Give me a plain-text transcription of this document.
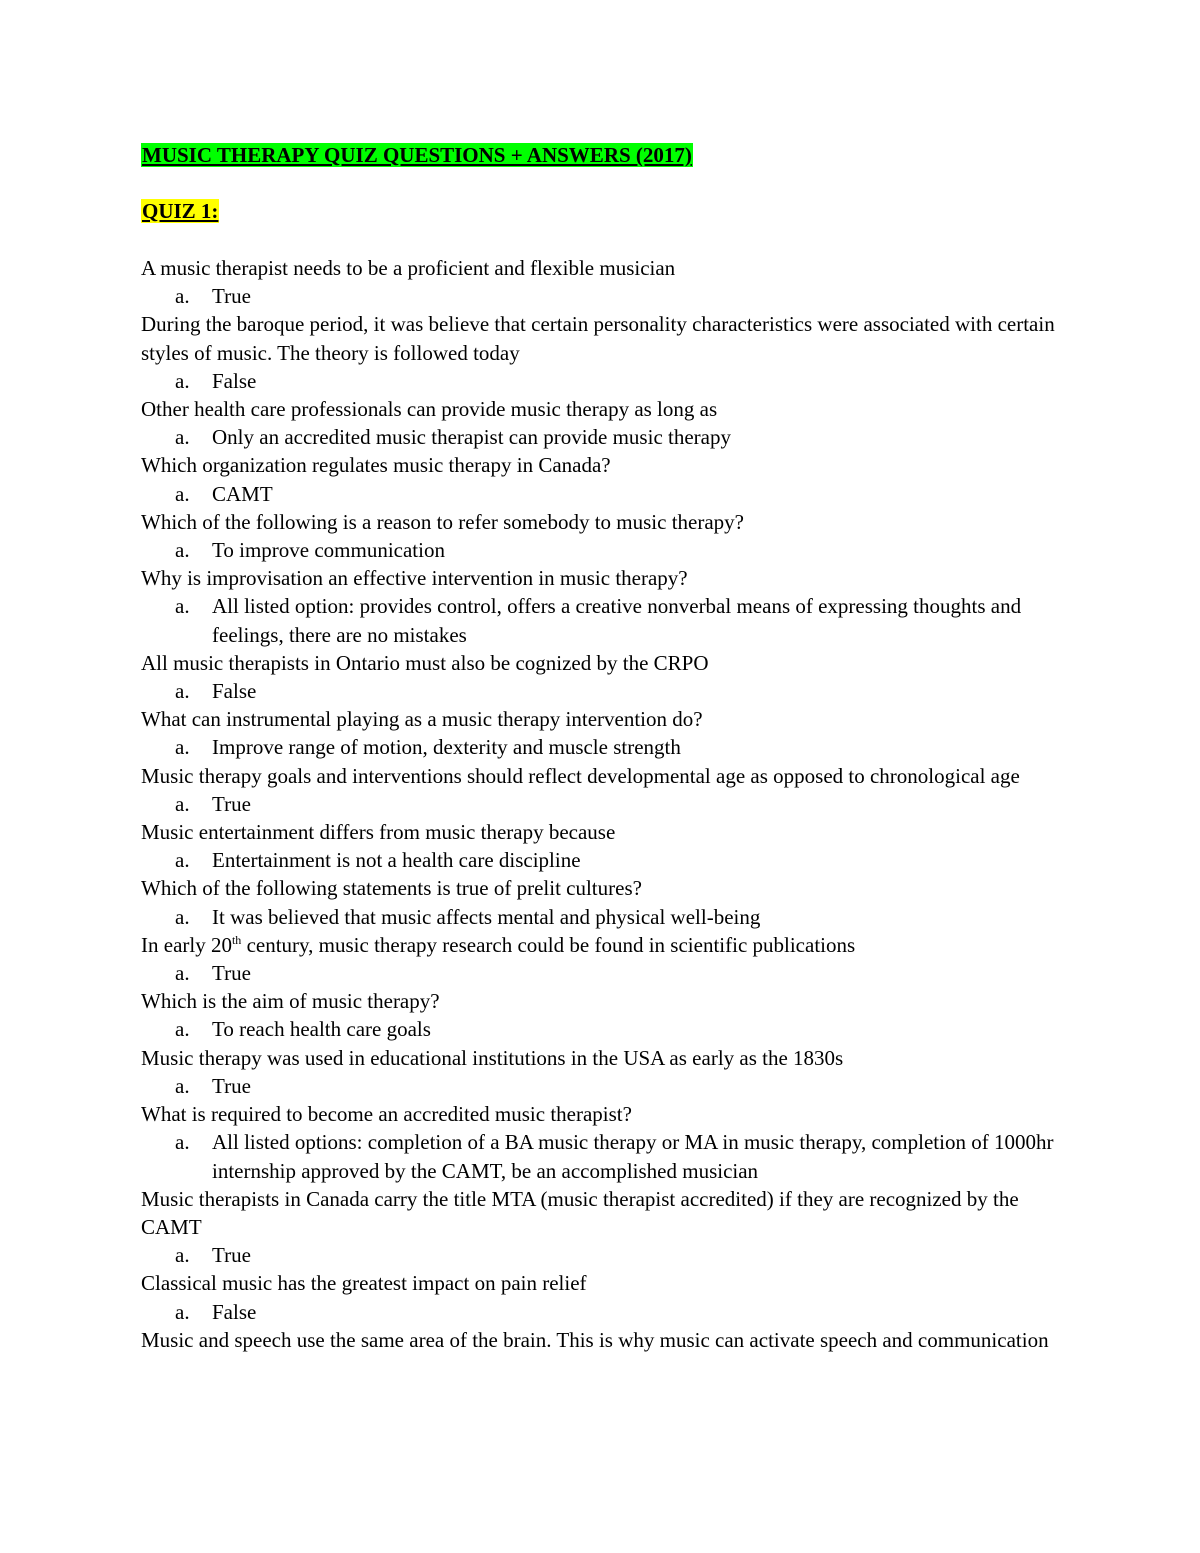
MUSIC THERAPY QUIZ QUESTIONS + ANSWERS (2017)
QUIZ 1:
A music therapist needs to be a proficient and flexible musician
a. True
During the baroque period, it was believe that certain personality characteristics were associated with certain styles of music. The theory is followed today
a. False
Other health care professionals can provide music therapy as long as
a. Only an accredited music therapist can provide music therapy
Which organization regulates music therapy in Canada?
a. CAMT
Which of the following is a reason to refer somebody to music therapy?
a. To improve communication
Why is improvisation an effective intervention in music therapy?
a. All listed option: provides control, offers a creative nonverbal means of expressing thoughts and feelings, there are no mistakes
All music therapists in Ontario must also be cognized by the CRPO
a. False
What can instrumental playing as a music therapy intervention do?
a. Improve range of motion, dexterity and muscle strength
Music therapy goals and interventions should reflect developmental age as opposed to chronological age
a. True
Music entertainment differs from music therapy because
a. Entertainment is not a health care discipline
Which of the following statements is true of prelit cultures?
a. It was believed that music affects mental and physical well-being
In early 20th century, music therapy research could be found in scientific publications
a. True
Which is the aim of music therapy?
a. To reach health care goals
Music therapy was used in educational institutions in the USA as early as the 1830s
a. True
What is required to become an accredited music therapist?
a. All listed options: completion of a BA music therapy or MA in music therapy, completion of 1000hr internship approved by the CAMT, be an accomplished musician
Music therapists in Canada carry the title MTA (music therapist accredited) if they are recognized by the CAMT
a. True
Classical music has the greatest impact on pain relief
a. False
Music and speech use the same area of the brain. This is why music can activate speech and communication
